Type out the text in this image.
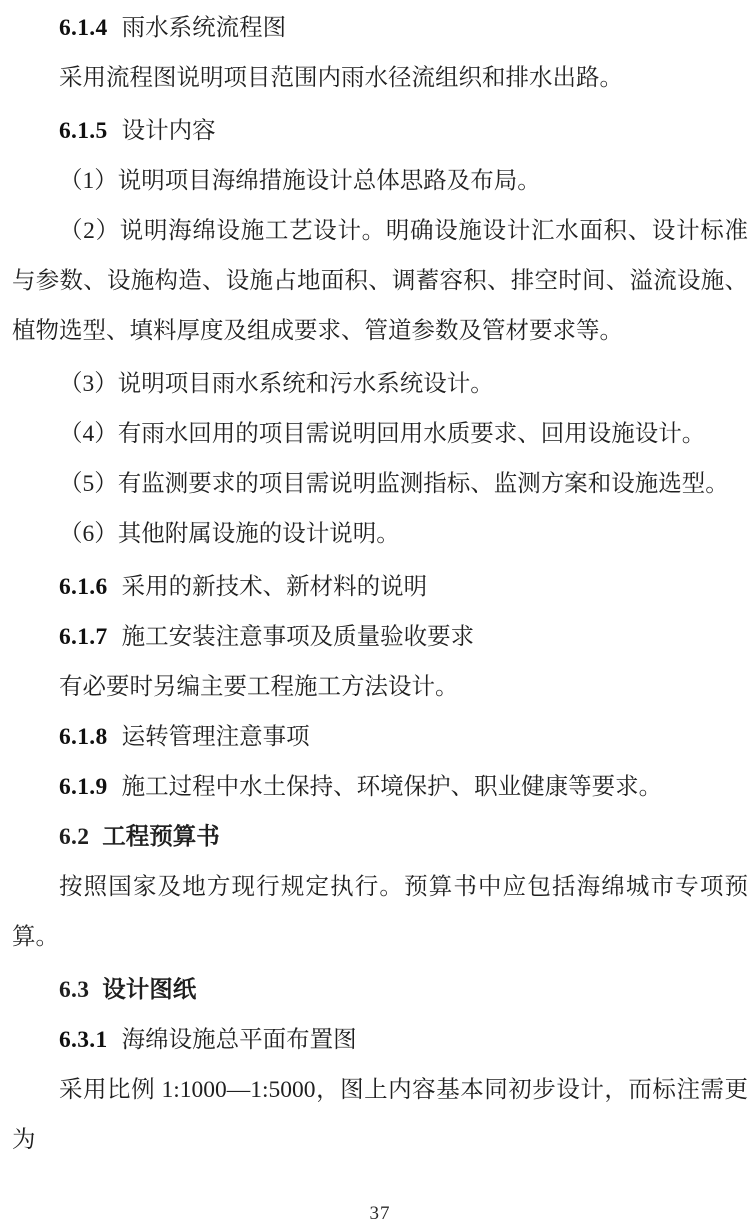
6.1.4 雨水系统流程图

采用流程图说明项目范围内雨水径流组织和排水出路。

6.1.5 设计内容

（1）说明项目海绵措施设计总体思路及布局。

（2）说明海绵设施工艺设计。明确设施设计汇水面积、设计标准与参数、设施构造、设施占地面积、调蓄容积、排空时间、溢流设施、植物选型、填料厚度及组成要求、管道参数及管材要求等。

（3）说明项目雨水系统和污水系统设计。

（4）有雨水回用的项目需说明回用水质要求、回用设施设计。

（5）有监测要求的项目需说明监测指标、监测方案和设施选型。

（6）其他附属设施的设计说明。

6.1.6 采用的新技术、新材料的说明

6.1.7 施工安装注意事项及质量验收要求

有必要时另编主要工程施工方法设计。

6.1.8 运转管理注意事项

6.1.9 施工过程中水土保持、环境保护、职业健康等要求。

6.2 工程预算书

按照国家及地方现行规定执行。预算书中应包括海绵城市专项预算。

6.3 设计图纸

6.3.1 海绵设施总平面布置图

采用比例 1:1000—1:5000，图上内容基本同初步设计，而标注需更为

37
